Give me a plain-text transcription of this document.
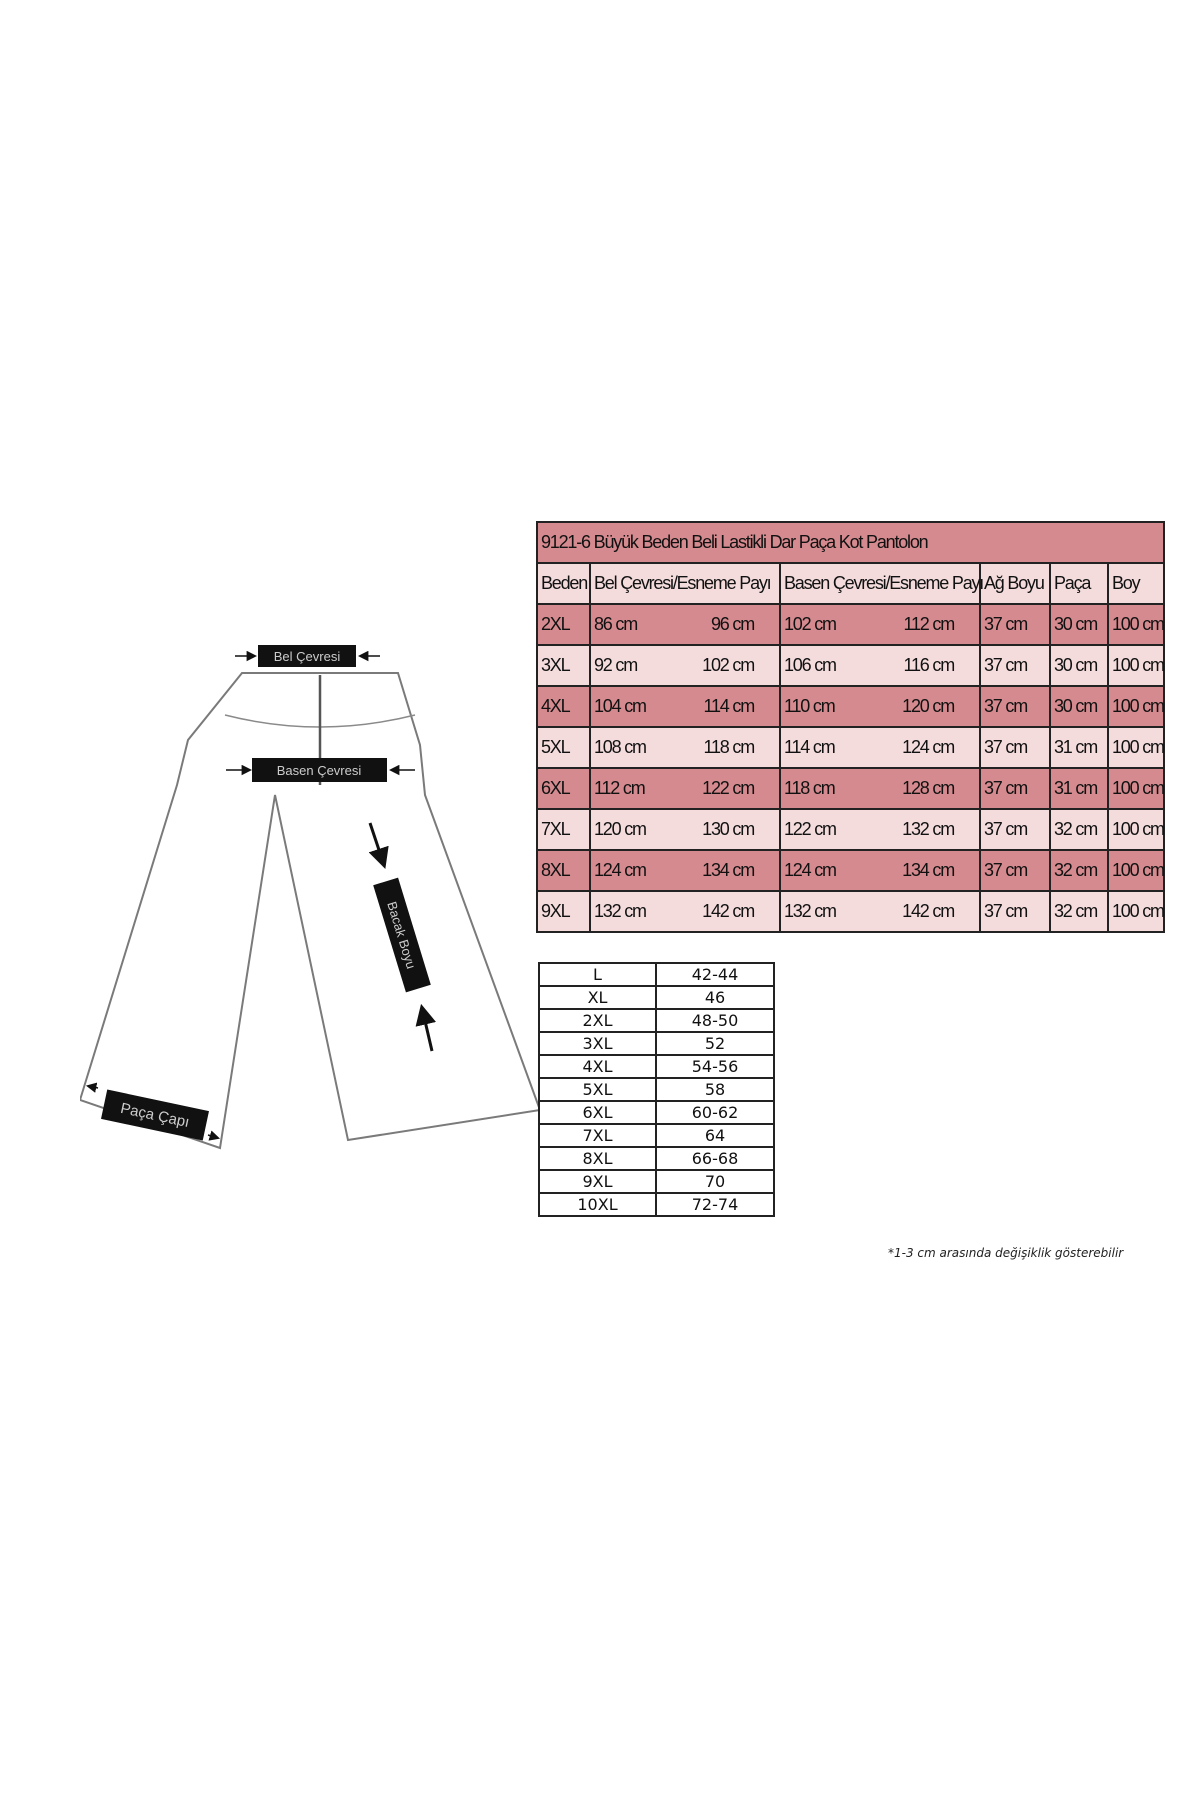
Bel Çevresi
Basen Çevresi
Bacak Boyu
Paça Çapı
9121-6 Büyük Beden Beli Lastikli Dar Paça Kot Pantolon					
Beden	Bel Çevresi/Esneme Payı	Basen Çevresi/Esneme Payı	Ağ Boyu	Paça	Boy
2XL	86 cm 96 cm	102 cm 112 cm	37 cm	30 cm	100 cm
3XL	92 cm 102 cm	106 cm 116 cm	37 cm	30 cm	100 cm
4XL	104 cm 114 cm	110 cm 120 cm	37 cm	30 cm	100 cm
5XL	108 cm 118 cm	114 cm 124 cm	37 cm	31 cm	100 cm
6XL	112 cm 122 cm	118 cm 128 cm	37 cm	31 cm	100 cm
7XL	120 cm 130 cm	122 cm 132 cm	37 cm	32 cm	100 cm
8XL	124 cm 134 cm	124 cm 134 cm	37 cm	32 cm	100 cm
9XL	132 cm 142 cm	132 cm 142 cm	37 cm	32 cm	100 cm
L	42-44
XL	46
2XL	48-50
3XL	52
4XL	54-56
5XL	58
6XL	60-62
7XL	64
8XL	66-68
9XL	70
10XL	72-74
*1-3 cm arasında değişiklik gösterebilir
